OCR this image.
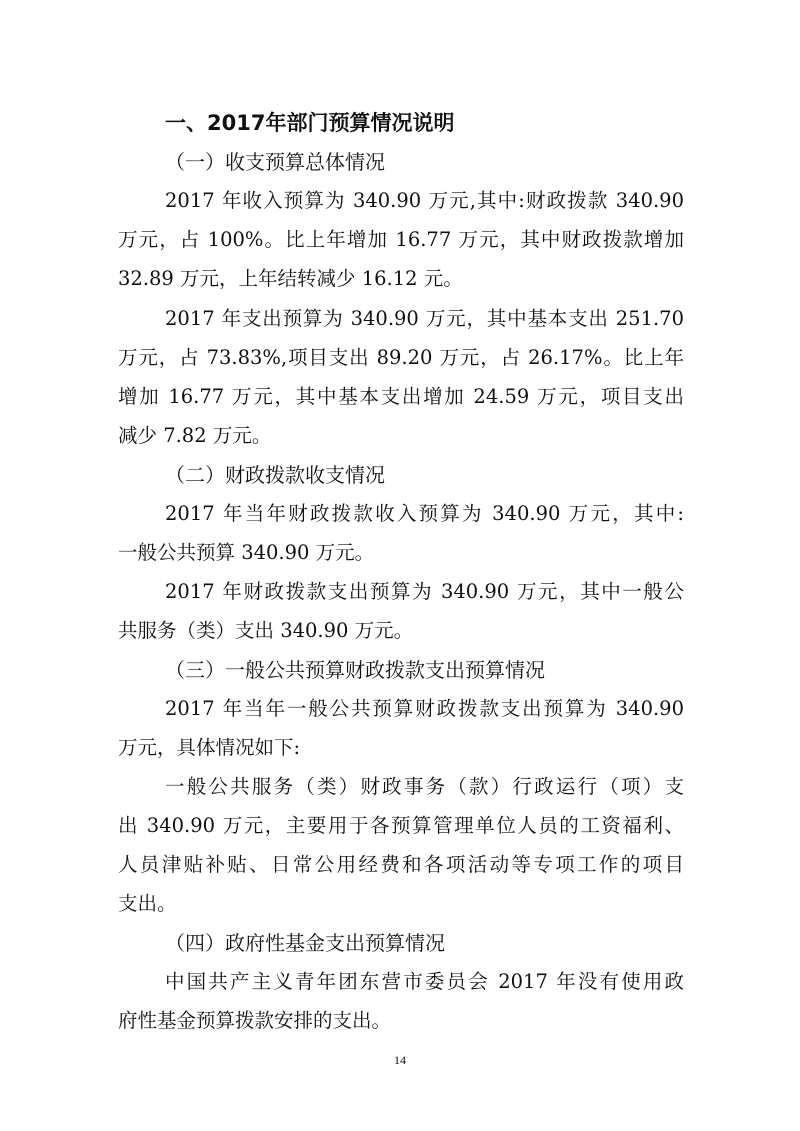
一、2017年部门预算情况说明
（一）收支预算总体情况
2017 年收入预算为 340.90 万元,其中:财政拨款 340.90
万元，占 100%。比上年增加 16.77 万元，其中财政拨款增加
32.89 万元，上年结转减少 16.12 元。
2017 年支出预算为 340.90 万元，其中基本支出 251.70
万元，占 73.83%,项目支出 89.20 万元，占 26.17%。比上年
增加 16.77 万元，其中基本支出增加 24.59 万元，项目支出
减少 7.82 万元。
（二）财政拨款收支情况
2017 年当年财政拨款收入预算为 340.90 万元，其中:
一般公共预算 340.90 万元。
2017 年财政拨款支出预算为 340.90 万元，其中一般公
共服务（类）支出 340.90 万元。
（三）一般公共预算财政拨款支出预算情况
2017 年当年一般公共预算财政拨款支出预算为 340.90
万元，具体情况如下:
一般公共服务（类）财政事务（款）行政运行（项）支
出 340.90 万元，主要用于各预算管理单位人员的工资福利、
人员津贴补贴、日常公用经费和各项活动等专项工作的项目
支出。
（四）政府性基金支出预算情况
中国共产主义青年团东营市委员会 2017 年没有使用政
府性基金预算拨款安排的支出。
14
